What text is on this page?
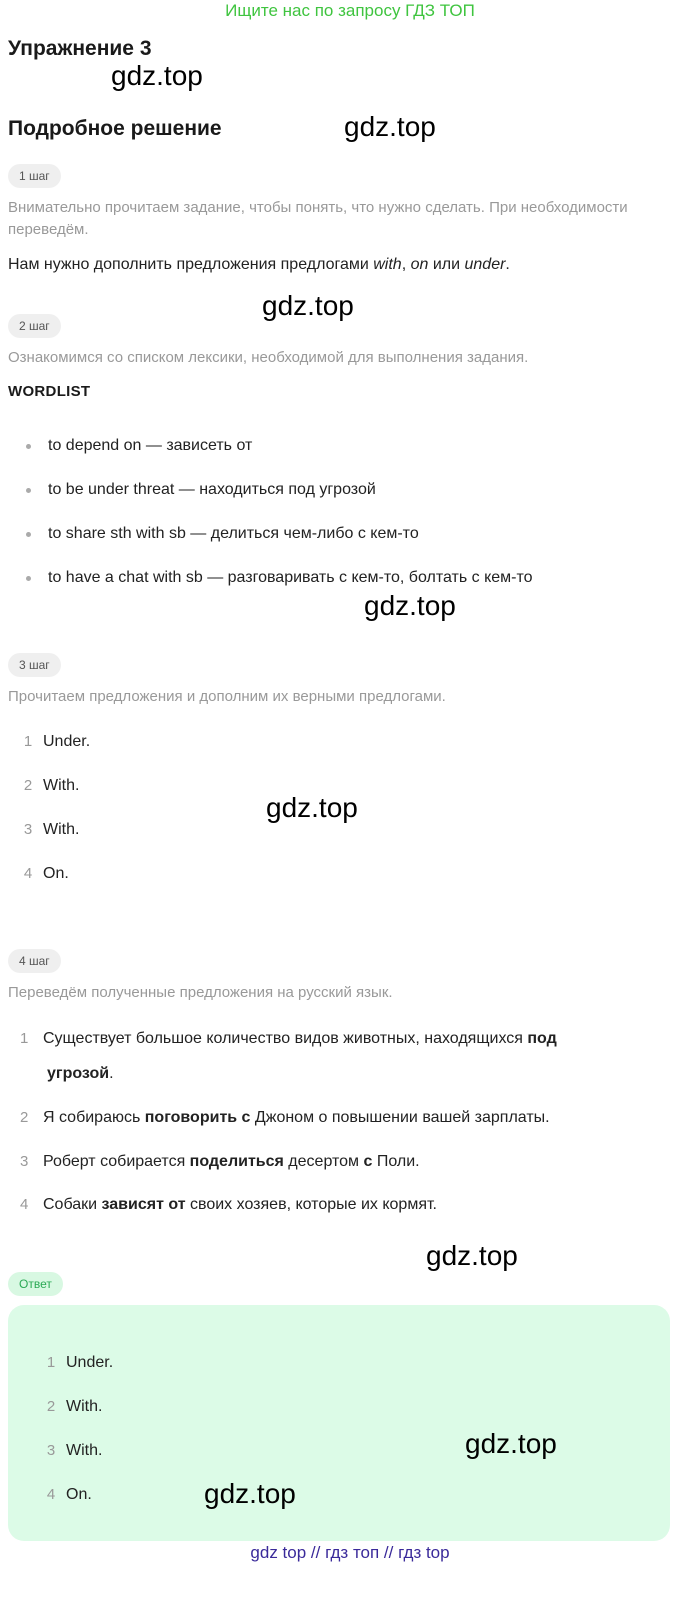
Ищите нас по запросу ГДЗ ТОП
Упражнение 3
gdz.top
Подробное решение	gdz.top
1 шаг
Внимательно прочитаем задание, чтобы понять, что нужно сделать. При необходимости переведём.
Нам нужно дополнить предложения предлогами with, on или under.
gdz.top
2 шаг
Ознакомимся со списком лексики, необходимой для выполнения задания.
WORDLIST
to depend on — зависеть от
to be under threat — находиться под угрозой
to share sth with sb — делиться чем-либо с кем-то
to have a chat with sb — разговаривать с кем-то, болтать с кем-то
gdz.top
3 шаг
Прочитаем предложения и дополним их верными предлогами.
1 Under.
2 With.
3 With.
4 On.
gdz.top
4 шаг
Переведём полученные предложения на русский язык.
1 Существует большое количество видов животных, находящихся под
угрозой.
2 Я собираюсь поговорить с Джоном о повышении вашей зарплаты.
3 Роберт собирается поделиться десертом с Поли.
4 Собаки зависят от своих хозяев, которые их кормят.
gdz.top
Ответ
1 Under.
2 With.
3 With.
4 On.
gdz.top
gdz.top
gdz top // гдз топ // гдз top
